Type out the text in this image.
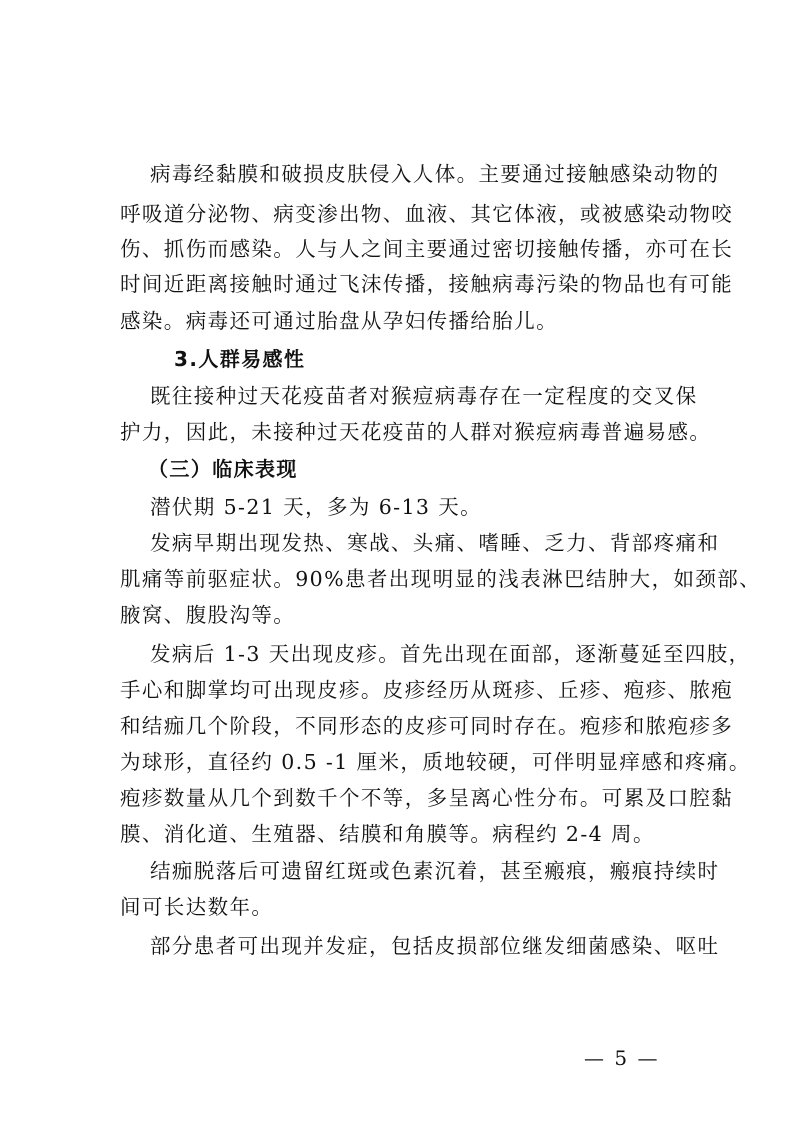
病毒经黏膜和破损皮肤侵入人体。主要通过接触感染动物的
呼吸道分泌物、病变渗出物、血液、其它体液，或被感染动物咬
伤、抓伤而感染。人与人之间主要通过密切接触传播，亦可在长
时间近距离接触时通过飞沫传播，接触病毒污染的物品也有可能
感染。病毒还可通过胎盘从孕妇传播给胎儿。
3.人群易感性
既往接种过天花疫苗者对猴痘病毒存在一定程度的交叉保
护力，因此，未接种过天花疫苗的人群对猴痘病毒普遍易感。
（三）临床表现
潜伏期 5-21 天，多为 6-13 天。
发病早期出现发热、寒战、头痛、嗜睡、乏力、背部疼痛和
肌痛等前驱症状。90%患者出现明显的浅表淋巴结肿大，如颈部、
腋窝、腹股沟等。
发病后 1-3 天出现皮疹。首先出现在面部，逐渐蔓延至四肢，
手心和脚掌均可出现皮疹。皮疹经历从斑疹、丘疹、疱疹、脓疱
和结痂几个阶段，不同形态的皮疹可同时存在。疱疹和脓疱疹多
为球形，直径约 0.5 -1 厘米，质地较硬，可伴明显痒感和疼痛。
疱疹数量从几个到数千个不等，多呈离心性分布。可累及口腔黏
膜、消化道、生殖器、结膜和角膜等。病程约 2-4 周。
结痂脱落后可遗留红斑或色素沉着，甚至瘢痕，瘢痕持续时
间可长达数年。
部分患者可出现并发症，包括皮损部位继发细菌感染、呕吐
— 5 —
